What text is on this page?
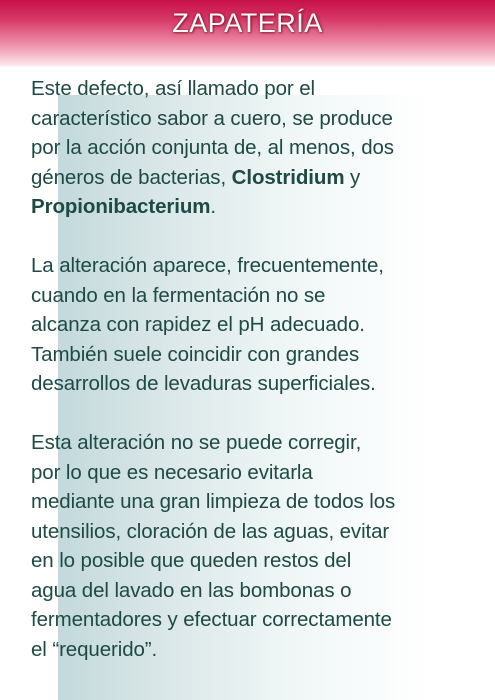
ZAPATERÍA

Este defecto, así llamado por el
característico sabor a cuero, se produce
por la acción conjunta de, al menos, dos
géneros de bacterias, Clostridium y
Propionibacterium.

La alteración aparece, frecuentemente,
cuando en la fermentación no se
alcanza con rapidez el pH adecuado.
También suele coincidir con grandes
desarrollos de levaduras superficiales.

Esta alteración no se puede corregir,
por lo que es necesario evitarla
mediante una gran limpieza de todos los
utensilios, cloración de las aguas, evitar
en lo posible que queden restos del
agua del lavado en las bombonas o
fermentadores y efectuar correctamente
el “requerido”.
